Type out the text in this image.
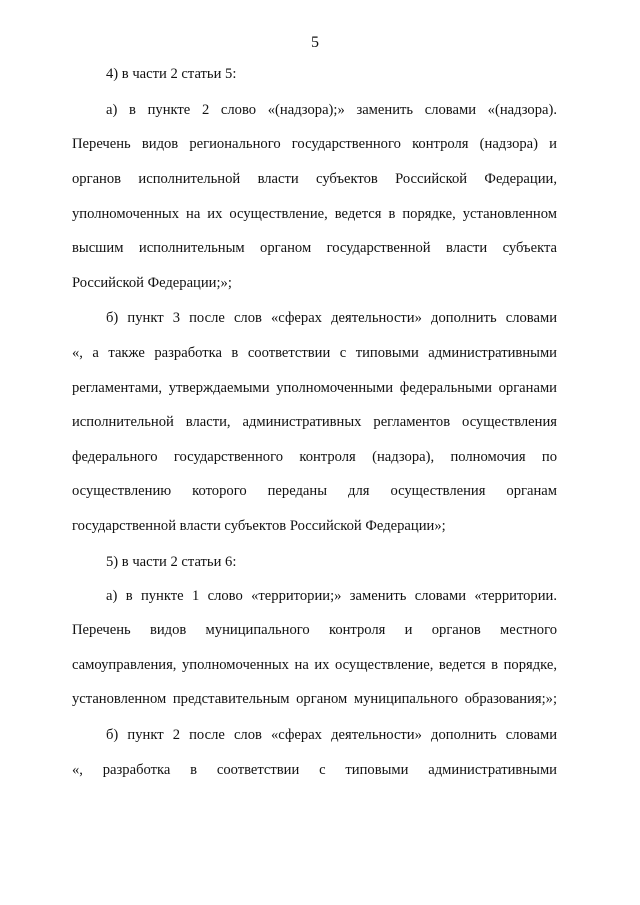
5
4) в части 2 статьи 5:
а) в пункте 2 слово «(надзора);» заменить словами «(надзора).
Перечень видов регионального государственного контроля (надзора) и
органов исполнительной власти субъектов Российской Федерации,
уполномоченных на их осуществление, ведется в порядке, установленном
высшим исполнительным органом государственной власти субъекта
Российской Федерации;»;
б) пункт 3 после слов «сферах деятельности» дополнить словами
«, а также разработка в соответствии с типовыми административными
регламентами, утверждаемыми уполномоченными федеральными органами
исполнительной власти, административных регламентов осуществления
федерального государственного контроля (надзора), полномочия по
осуществлению которого переданы для осуществления органам
государственной власти субъектов Российской Федерации»;
5) в части 2 статьи 6:
а) в пункте 1 слово «территории;» заменить словами «территории.
Перечень видов муниципального контроля и органов местного
самоуправления, уполномоченных на их осуществление, ведется в порядке,
установленном представительным органом муниципального образования;»;
б) пункт 2 после слов «сферах деятельности» дополнить словами
«, разработка в соответствии с типовыми административными
